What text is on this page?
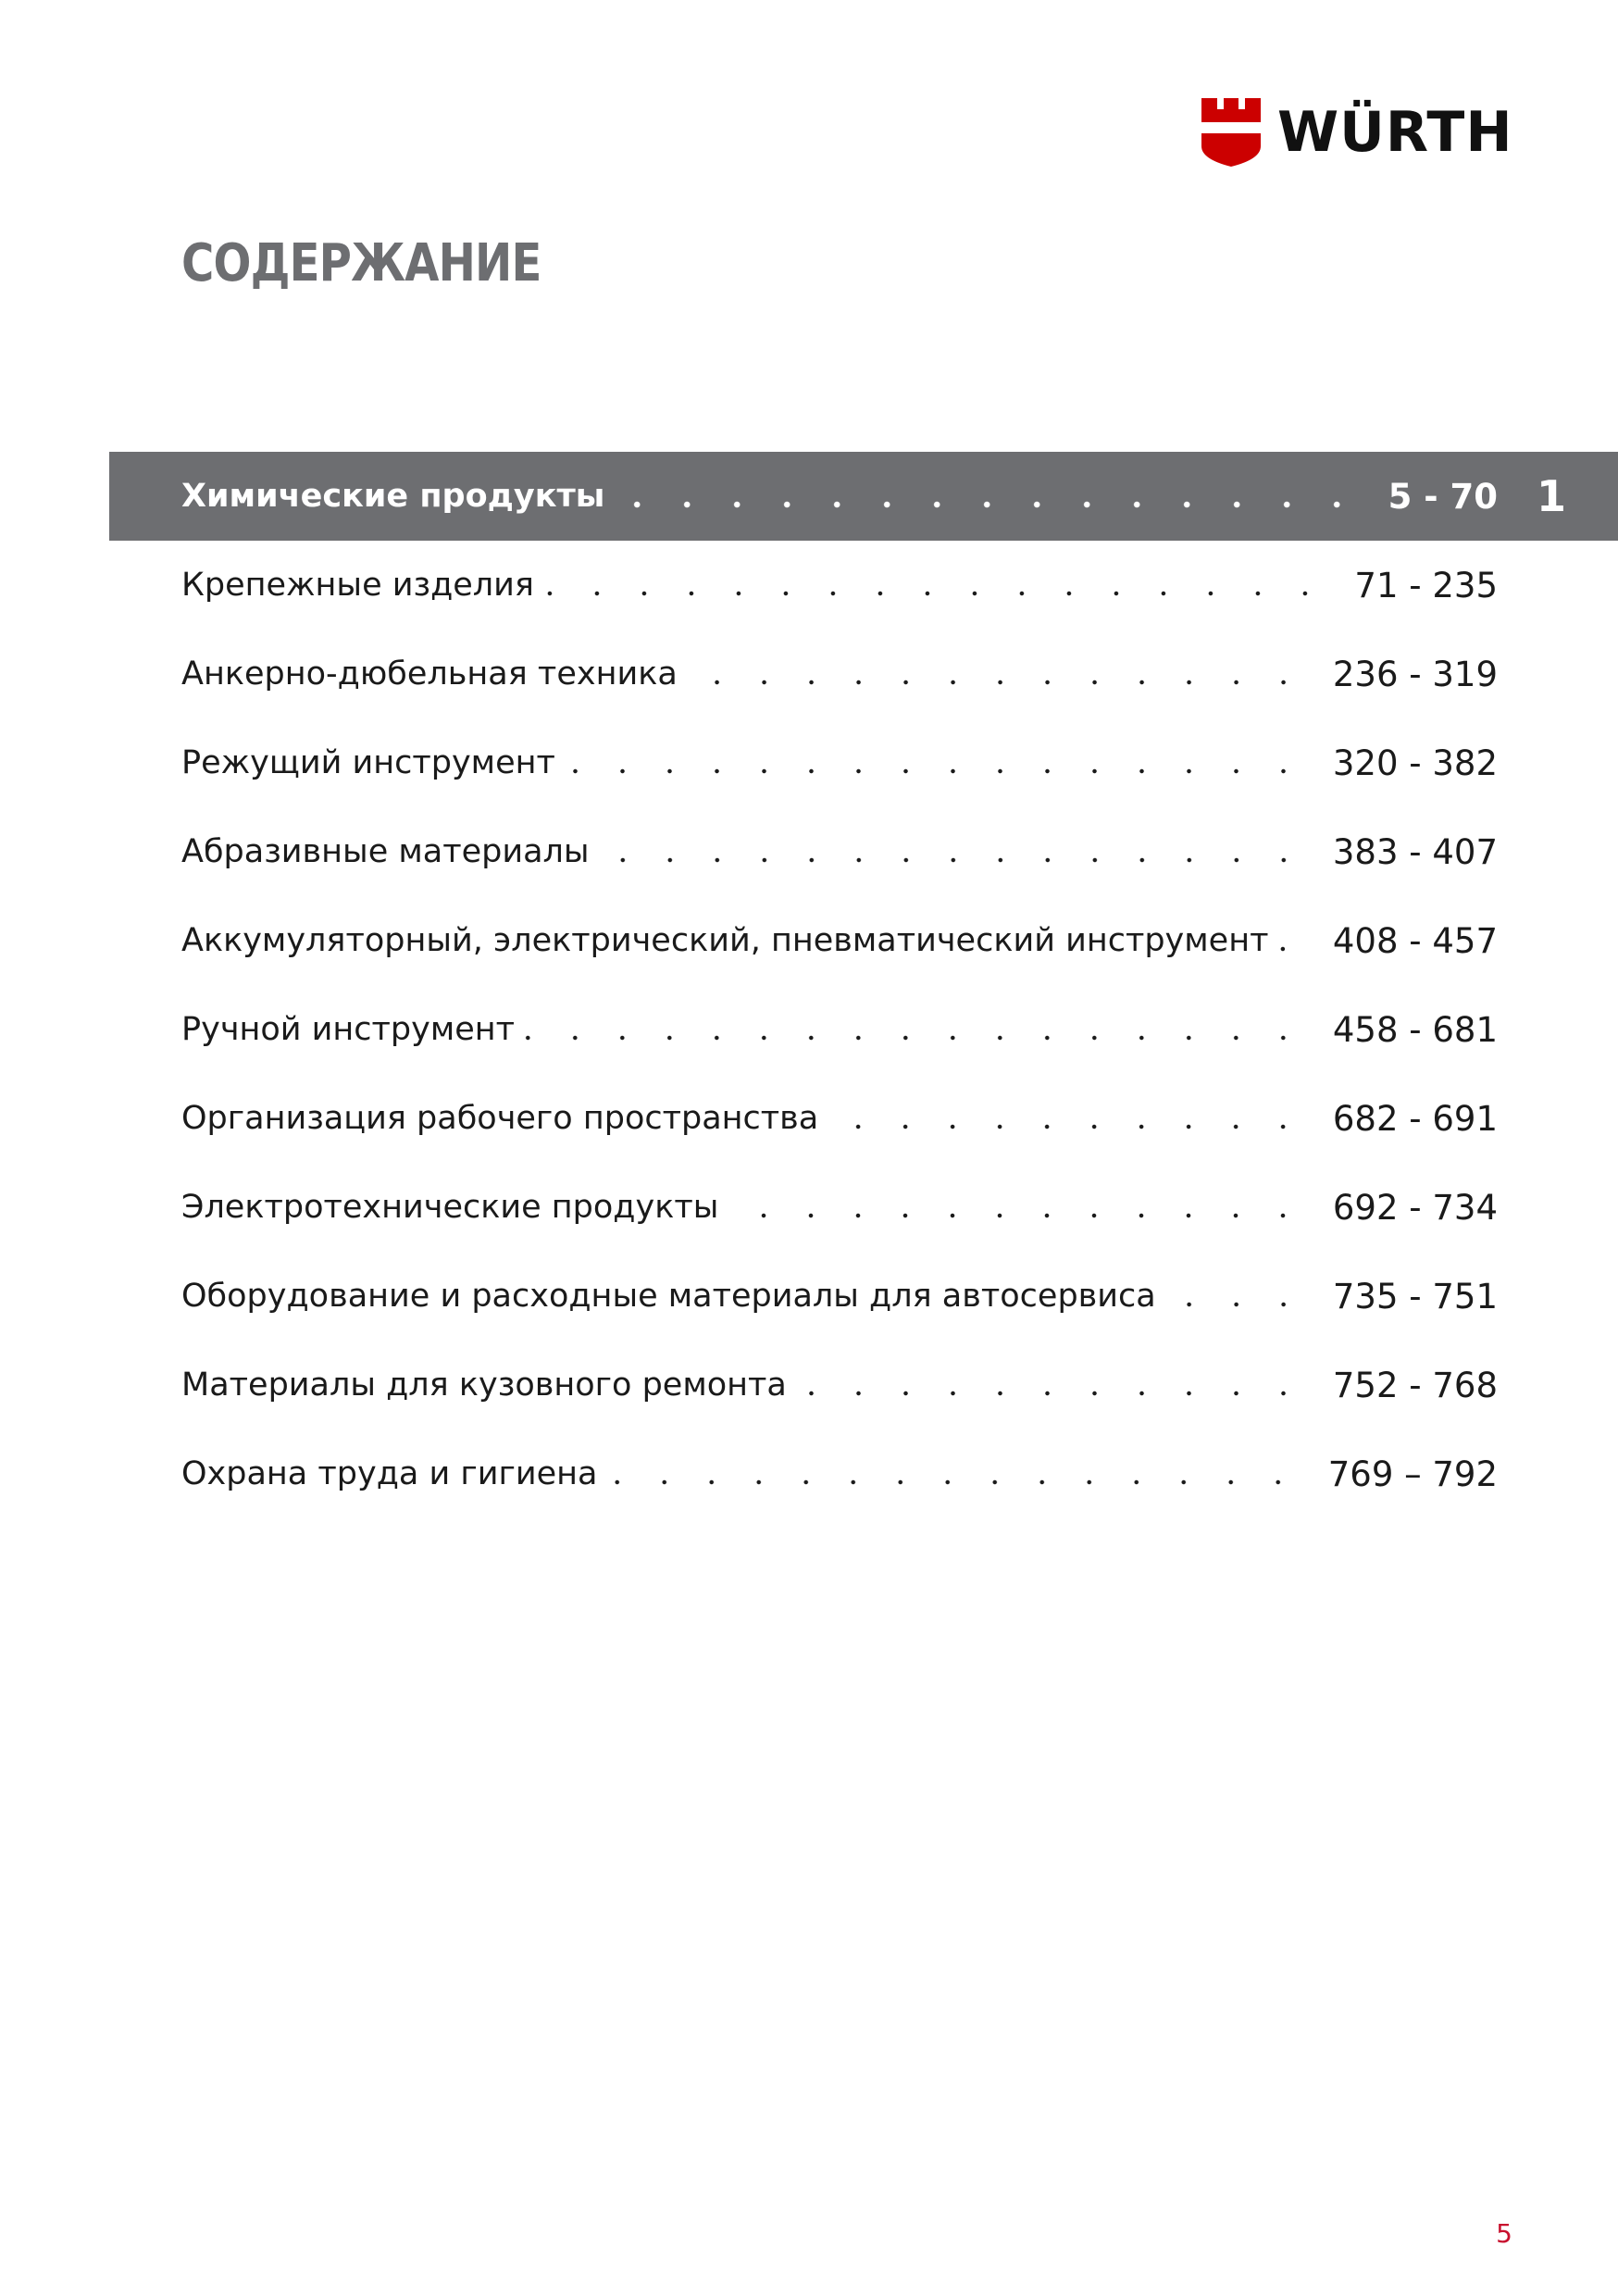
WÜRTH
СОДЕРЖАНИЕ
1
Химические продукты	5 - 70
Крепежные изделия	71 - 235
Анкерно-дюбельная техника	236 - 319
Режущий инструмент	320 - 382
Абразивные материалы	383 - 407
Аккумуляторный, электрический, пневматический инструмент 408 - 457
Ручной инструмент	458 - 681
Организация рабочего пространства	682 - 691
Электротехнические продукты	692 - 734
Оборудование и расходные материалы для автосервиса	735 - 751
Материалы для кузовного ремонта	752 - 768
Охрана труда и гигиена	769 – 792
5
